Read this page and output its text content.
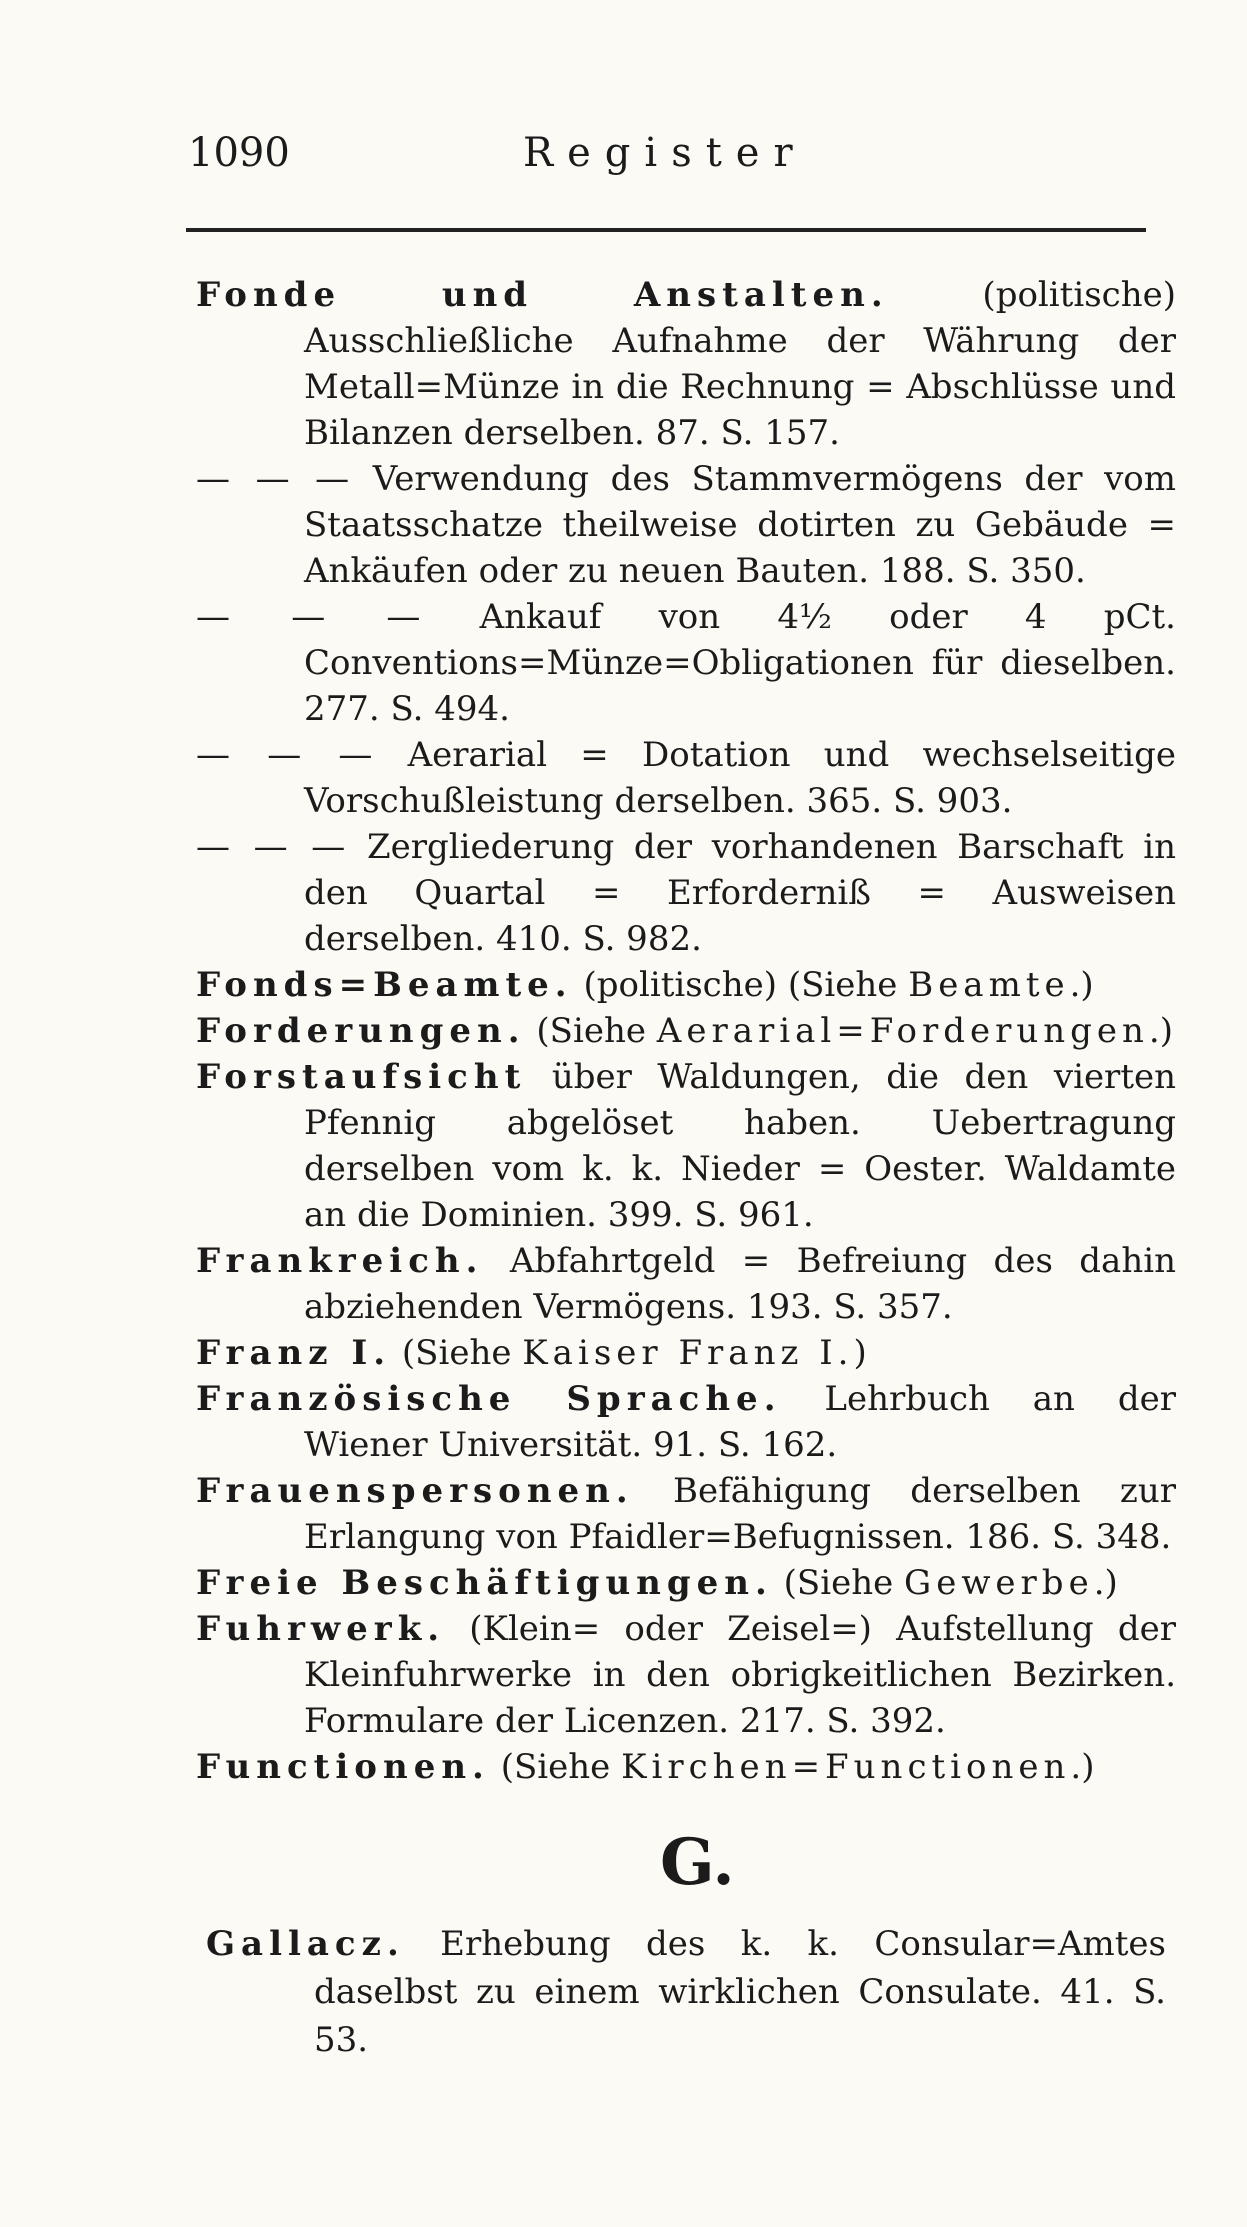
1090	Register

Fonde und Anstalten. (politische) Ausschließliche Aufnahme der Währung der Metall=Münze in die Rechnung = Abschlüsse und Bilanzen derselben. 87. S. 157.

— — — Verwendung des Stammvermögens der vom Staatsschatze theilweise dotirten zu Gebäude = Ankäufen oder zu neuen Bauten. 188. S. 350.

— — — Ankauf von 4½ oder 4 pCt. Conventions=Münze=Obligationen für dieselben. 277. S. 494.

— — — Aerarial = Dotation und wechselseitige Vorschußleistung derselben. 365. S. 903.

— — — Zergliederung der vorhandenen Barschaft in den Quartal = Erforderniß = Ausweisen derselben. 410. S. 982.

Fonds=Beamte. (politische) (Siehe Beamte.)

Forderungen. (Siehe Aerarial=Forderungen.)

Forstaufsicht über Waldungen, die den vierten Pfennig abgelöset haben. Uebertragung derselben vom k. k. Nieder = Oester. Waldamte an die Dominien. 399. S. 961.

Frankreich. Abfahrtgeld = Befreiung des dahin abziehenden Vermögens. 193. S. 357.

Franz I. (Siehe Kaiser Franz I.)

Französische Sprache. Lehrbuch an der Wiener Universität. 91. S. 162.

Frauenspersonen. Befähigung derselben zur Erlangung von Pfaidler=Befugnissen. 186. S. 348.

Freie Beschäftigungen. (Siehe Gewerbe.)

Fuhrwerk. (Klein= oder Zeisel=) Aufstellung der Kleinfuhrwerke in den obrigkeitlichen Bezirken. Formulare der Licenzen. 217. S. 392.

Functionen. (Siehe Kirchen=Functionen.)

G.

Gallacz. Erhebung des k. k. Consular=Amtes daselbst zu einem wirklichen Consulate. 41. S. 53.
